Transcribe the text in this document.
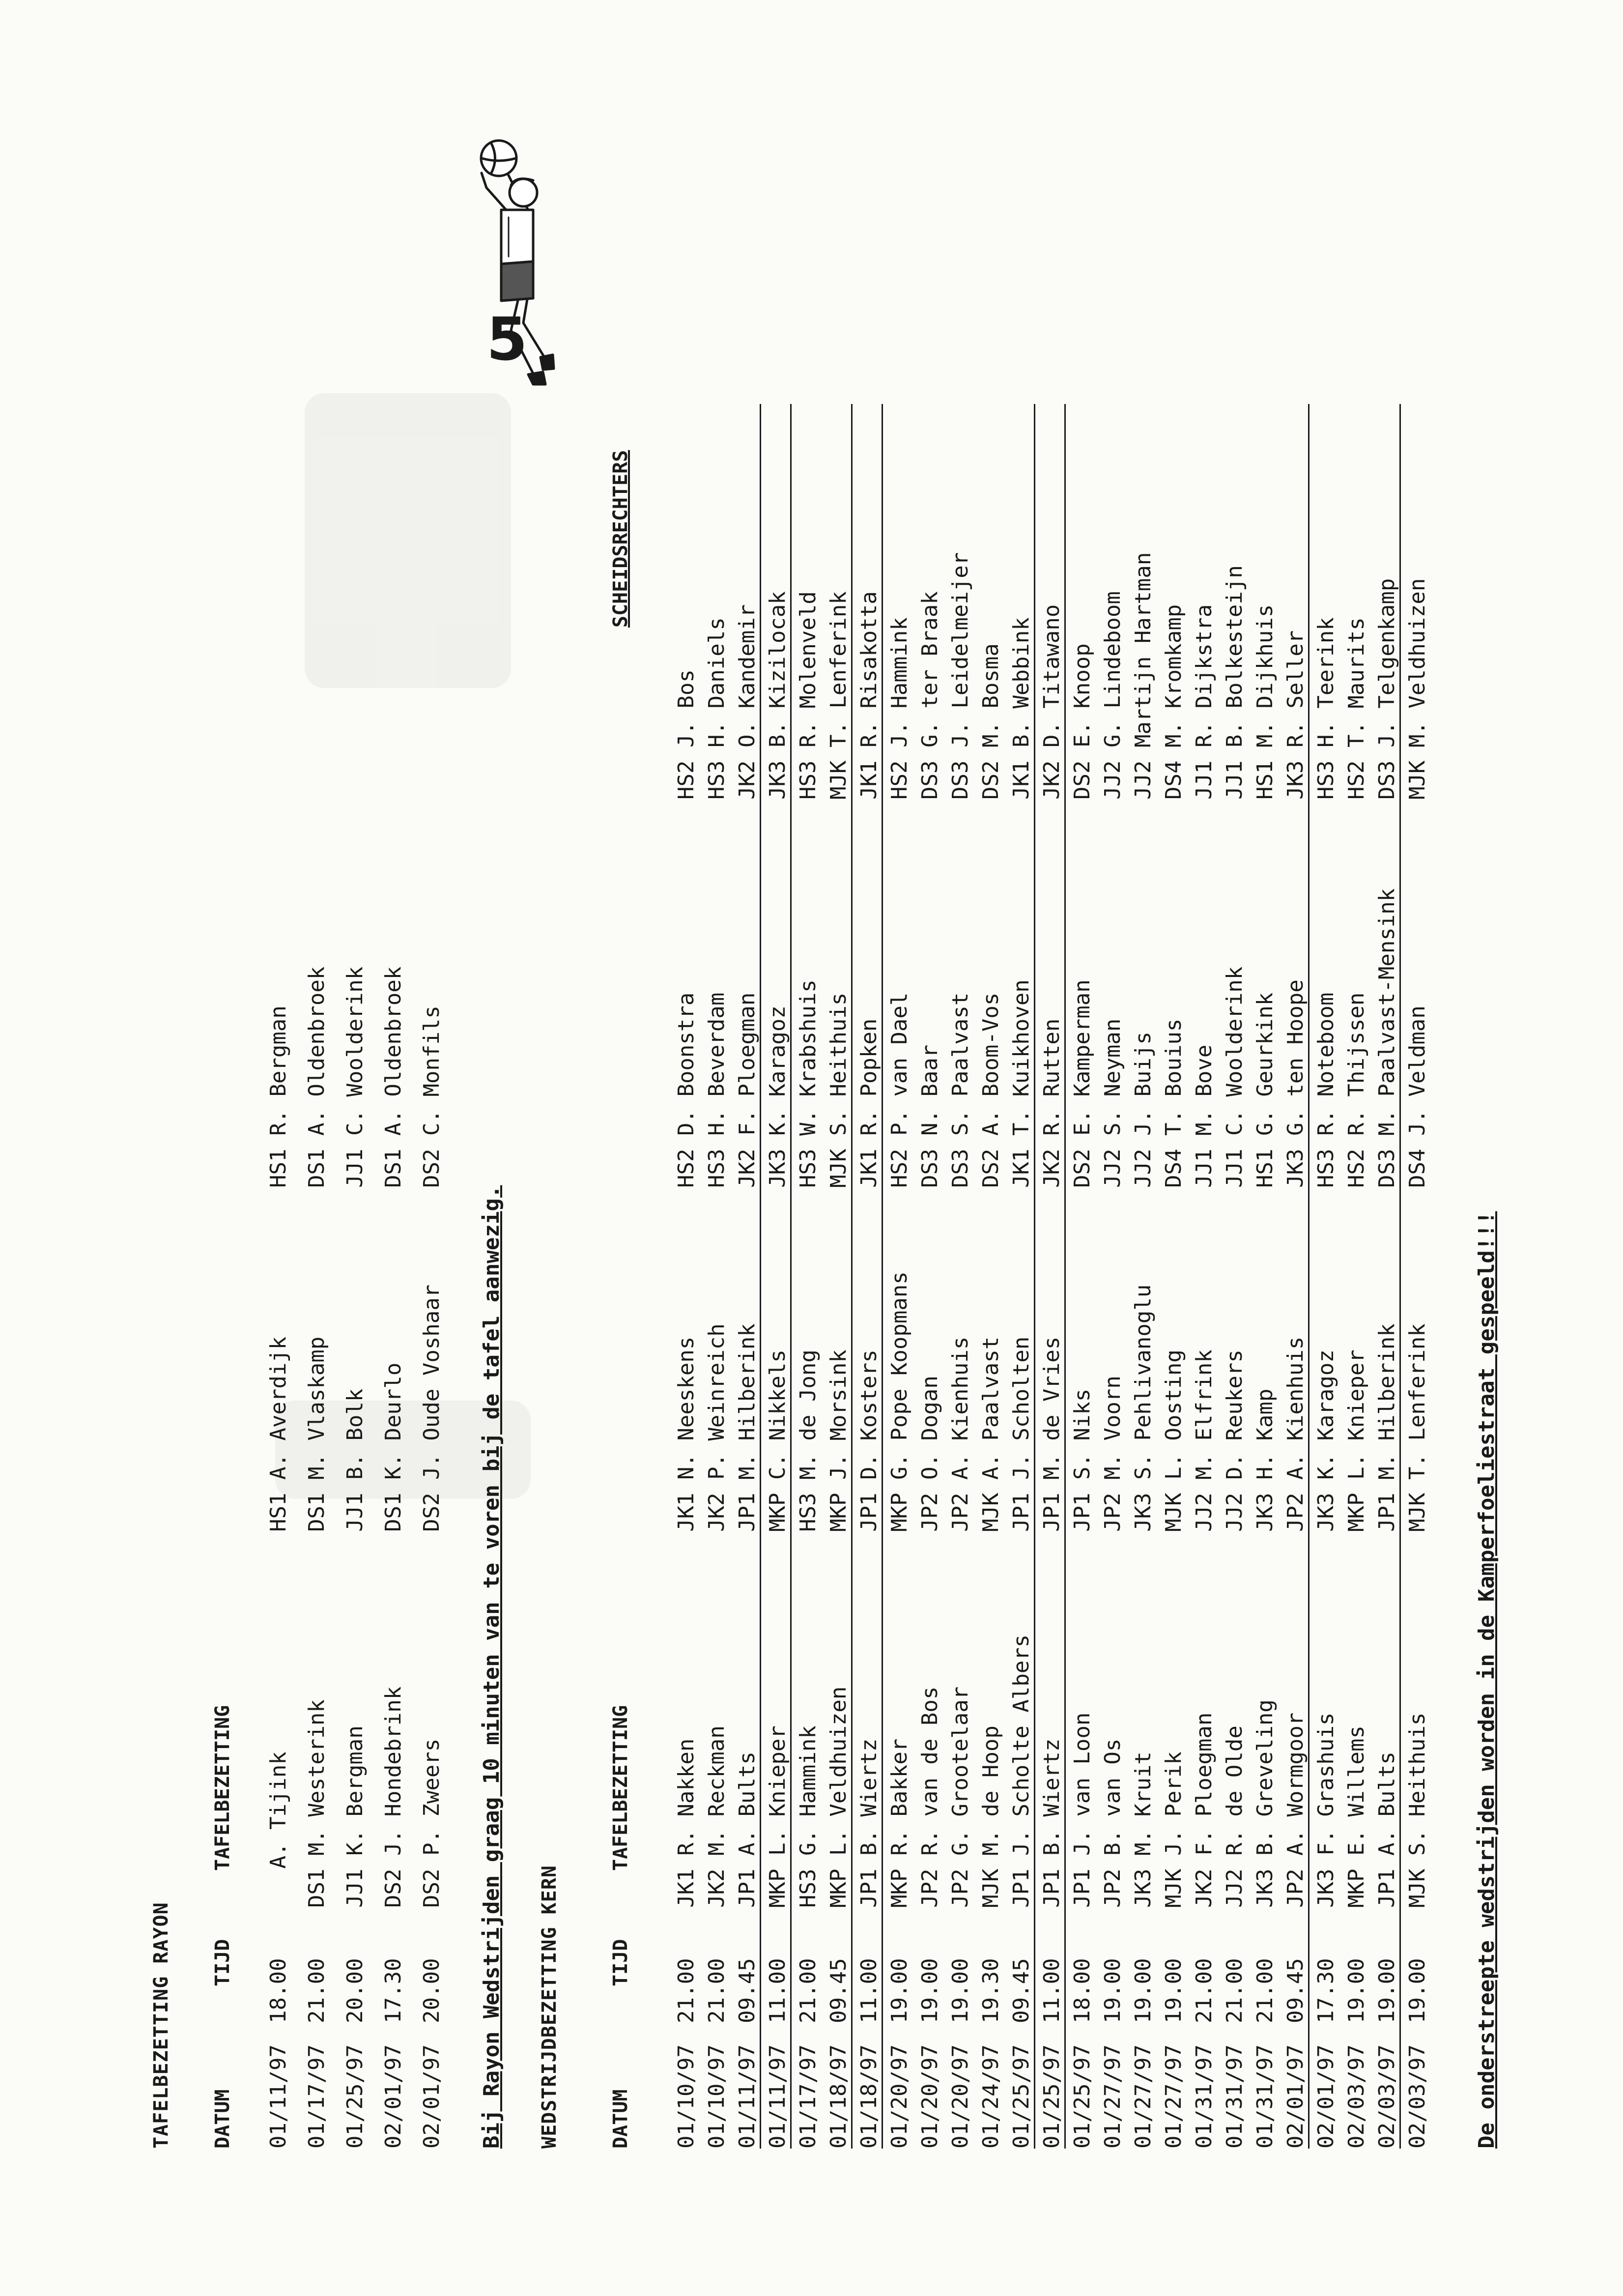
TAFELBEZETTING RAYON DATUM
TIJD
TAFELBEZETTING
01/11/97
18.00
A. Tijink
HS1 A. Averdijk
HS1 R. Bergman
01/17/97
21.00
DS1 M. Westerink
DS1 M. Vlaskamp
DS1 A. Oldenbroek
01/25/97
20.00
JJ1 K. Bergman
JJ1 B. Bolk
JJ1 C. Woolderink
02/01/97
17.30
DS2 J. Hondebrink
DS1 K. Deurlo
DS1 A. Oldenbroek
02/01/97
20.00
DS2 P. Zweers
DS2 J. Oude Voshaar
DS2 C. Monfils
Bij Rayon Wedstrijden graag 10 minuten van te voren bij de tafel aanwezig. WEDSTRIJDBEZETTING KERN DATUM
TIJD
TAFELBEZETTING
SCHEIDSRECHTERS
01/10/97
21.00
JK1 R. Nakken
JK1 N. Neeskens
HS2 D. Boonstra
HS2 J. Bos
01/10/97
21.00
JK2 M. Reckman
JK2 P. Weinreich
HS3 H. Beverdam
HS3 H. Daniels
01/11/97
09.45
JP1 A. Bults
JP1 M. Hilberink
JK2 F. Ploegman
JK2 O. Kandemir
01/11/97
11.00
MKP L. Knieper
MKP C. Nikkels
JK3 K. Karagoz
JK3 B. Kizilocak
01/17/97
21.00
HS3 G. Hammink
HS3 M. de Jong
HS3 W. Krabshuis
HS3 R. Molenveld
01/18/97
09.45
MKP L. Veldhuizen
MKP J. Morsink
MJK S. Heithuis
MJK T. Lenferink
01/18/97
11.00
JP1 B. Wiertz
JP1 D. Kosters
JK1 R. Popken
JK1 R. Risakotta
01/20/97
19.00
MKP R. Bakker
MKP G. Pope Koopmans
HS2 P. van Dael
HS2 J. Hammink
01/20/97
19.00
JP2 R. van de Bos
JP2 O. Dogan
DS3 N. Baar
DS3 G. ter Braak
01/20/97
19.00
JP2 G. Grootelaar
JP2 A. Kienhuis
DS3 S. Paalvast
DS3 J. Leidelmeijer
01/24/97
19.30
MJK M. de Hoop
MJK A. Paalvast
DS2 A. Boom-Vos
DS2 M. Bosma
01/25/97
09.45
JP1 J. Scholte Albers
JP1 J. Scholten
JK1 T. Kuikhoven
JK1 B. Webbink
01/25/97
11.00
JP1 B. Wiertz
JP1 M. de Vries
JK2 R. Rutten
JK2 D. Titawano
01/25/97
18.00
JP1 J. van Loon
JP1 S. Niks
DS2 E. Kamperman
DS2 E. Knoop
01/27/97
19.00
JP2 B. van Os
JP2 M. Voorn
JJ2 S. Neyman
JJ2 G. Lindeboom
01/27/97
19.00
JK3 M. Kruit
JK3 S. Pehlivanoglu
JJ2 J. Buijs
JJ2 Martijn Hartman
01/27/97
19.00
MJK J. Perik
MJK L. Oosting
DS4 T. Bouius
DS4 M. Kromkamp
01/31/97
21.00
JK2 F. Ploegman
JJ2 M. Elfrink
JJ1 M. Bove
JJ1 R. Dijkstra
01/31/97
21.00
JJ2 R. de Olde
JJ2 D. Reukers
JJ1 C. Woolderink
JJ1 B. Bolkesteijn
01/31/97
21.00
JK3 B. Greveling
JK3 H. Kamp
HS1 G. Geurkink
HS1 M. Dijkhuis
02/01/97
09.45
JP2 A. Wormgoor
JP2 A. Kienhuis
JK3 G. ten Hoope
JK3 R. Seller
02/01/97
17.30
JK3 F. Grashuis
JK3 K. Karagoz
HS3 R. Noteboom
HS3 H. Teerink
02/03/97
19.00
MKP E. Willems
MKP L. Knieper
HS2 R. Thijssen
HS2 T. Maurits
02/03/97
19.00
JP1 A. Bults
JP1 M. Hilberink
DS3 M. Paalvast-Mensink
DS3 J. Telgenkamp
02/03/97
19.00
MJK S. Heithuis
MJK T. Lenferink
DS4 J. Veldman
MJK M. Veldhuizen
De onderstreepte wedstrijden worden in de Kamperfoeliestraat gespeeld!!!
5
